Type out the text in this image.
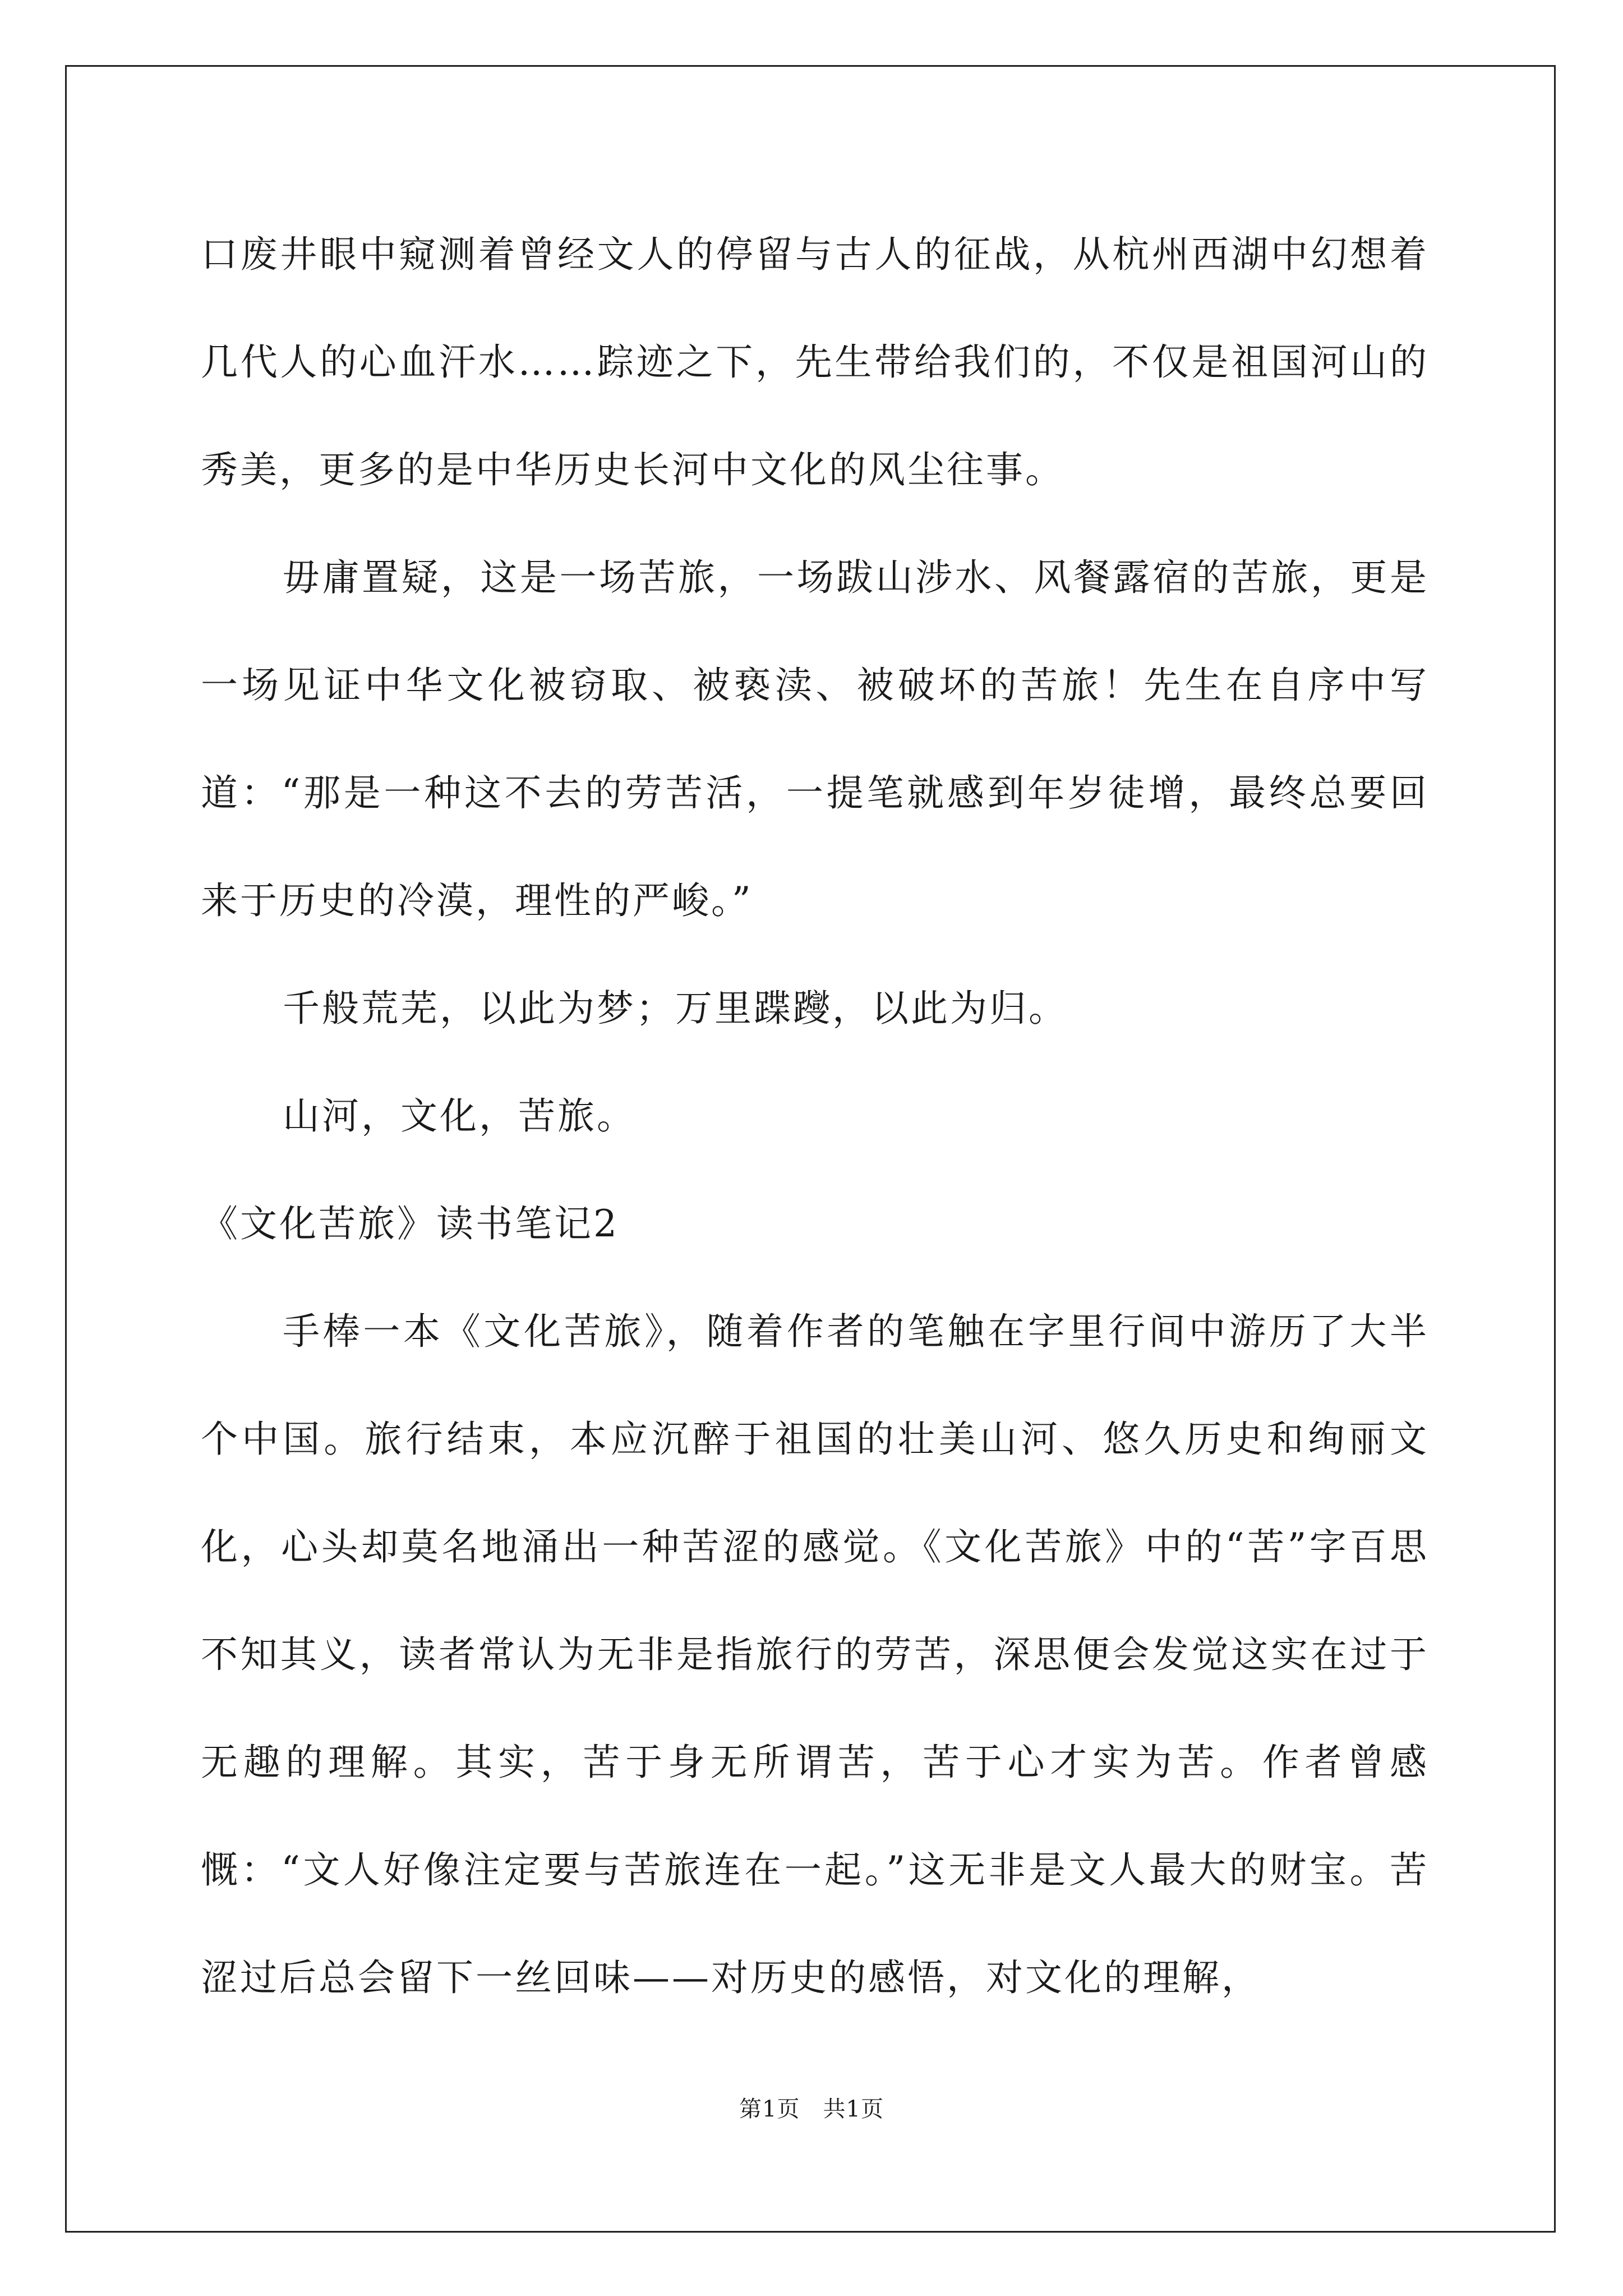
口废井眼中窥测着曾经文人的停留与古人的征战，从杭州西湖中幻想着几代人的心血汗水……踪迹之下，先生带给我们的，不仅是祖国河山的秀美，更多的是中华历史长河中文化的风尘往事。

毋庸置疑，这是一场苦旅，一场跋山涉水、风餐露宿的苦旅，更是一场见证中华文化被窃取、被亵渎、被破坏的苦旅！先生在自序中写道：“那是一种这不去的劳苦活，一提笔就感到年岁徒增，最终总要回来于历史的冷漠，理性的严峻。”

千般荒芜，以此为梦；万里蹀躞，以此为归。

山河，文化，苦旅。

《文化苦旅》读书笔记2

手棒一本《文化苦旅》，随着作者的笔触在字里行间中游历了大半个中国。旅行结束，本应沉醉于祖国的壮美山河、悠久历史和绚丽文化，心头却莫名地涌出一种苦涩的感觉。《文化苦旅》中的“苦”字百思不知其义，读者常认为无非是指旅行的劳苦，深思便会发觉这实在过于无趣的理解。其实，苦于身无所谓苦，苦于心才实为苦。作者曾感慨：“文人好像注定要与苦旅连在一起。”这无非是文人最大的财宝。苦涩过后总会留下一丝回味——对历史的感悟，对文化的理解，

第1页　共1页
